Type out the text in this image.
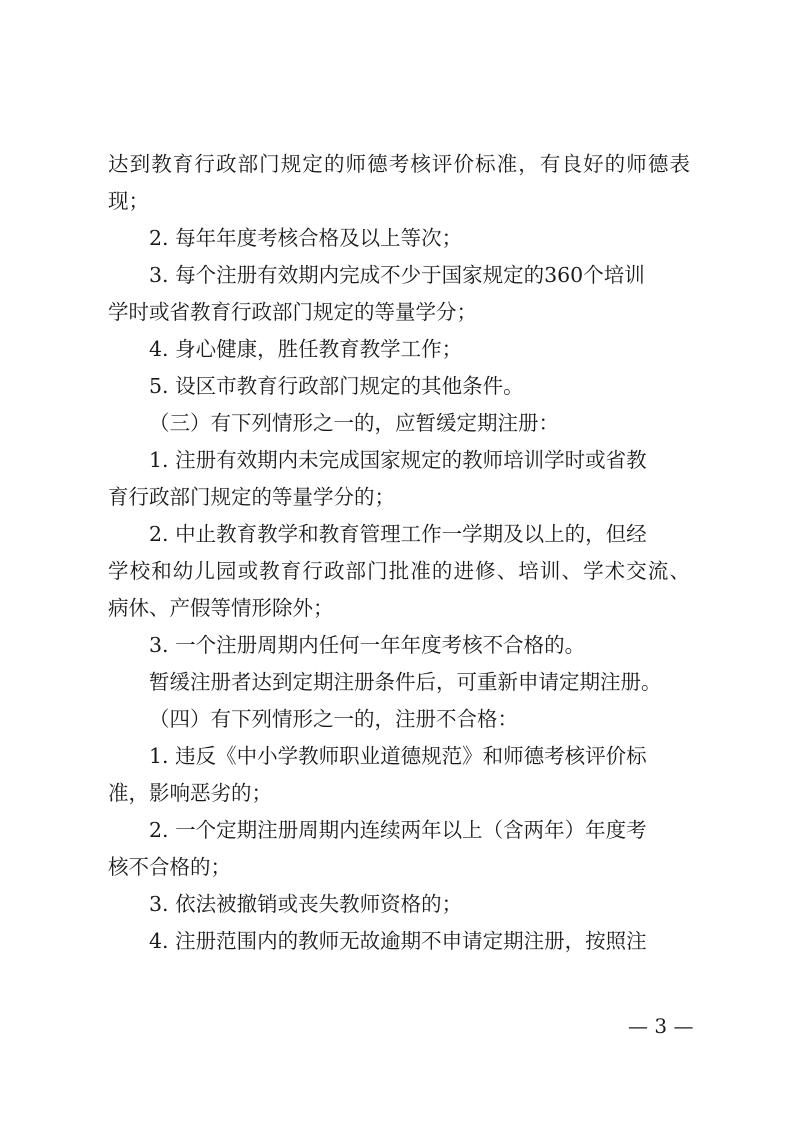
达 到 教 育 行 政 部 门 规 定 的 师 德 考 核 评 价 标 准 ， 有 良 好 的 师 德 表
现；
2. 每年年度考核合格及以上等次；
3. 每个注册有效期内完成不少于国家规定的360个培训
学时或省教育行政部门规定的等量学分；
4. 身心健康，胜任教育教学工作；
5. 设区市教育行政部门规定的其他条件。
（三）有下列情形之一的，应暂缓定期注册：
1. 注册有效期内未完成国家规定的教师培训学时或省教
育行政部门规定的等量学分的；
2. 中止教育教学和教育管理工作一学期及以上的，但经
学 校 和 幼 儿 园 或 教 育 行 政 部 门 批 准 的 进 修 、 培 训 、 学 术 交 流 、
病休、产假等情形除外；
3. 一个注册周期内任何一年年度考核不合格的。
暂缓注册者达到定期注册条件后，可重新申请定期注册。
（四）有下列情形之一的，注册不合格：
1. 违反《中小学教师职业道德规范》和师德考核评价标
准，影响恶劣的；
2. 一个定期注册周期内连续两年以上（含两年）年度考
核不合格的；
3. 依法被撤销或丧失教师资格的；
4. 注册范围内的教师无故逾期不申请定期注册，按照注
— 3 —
